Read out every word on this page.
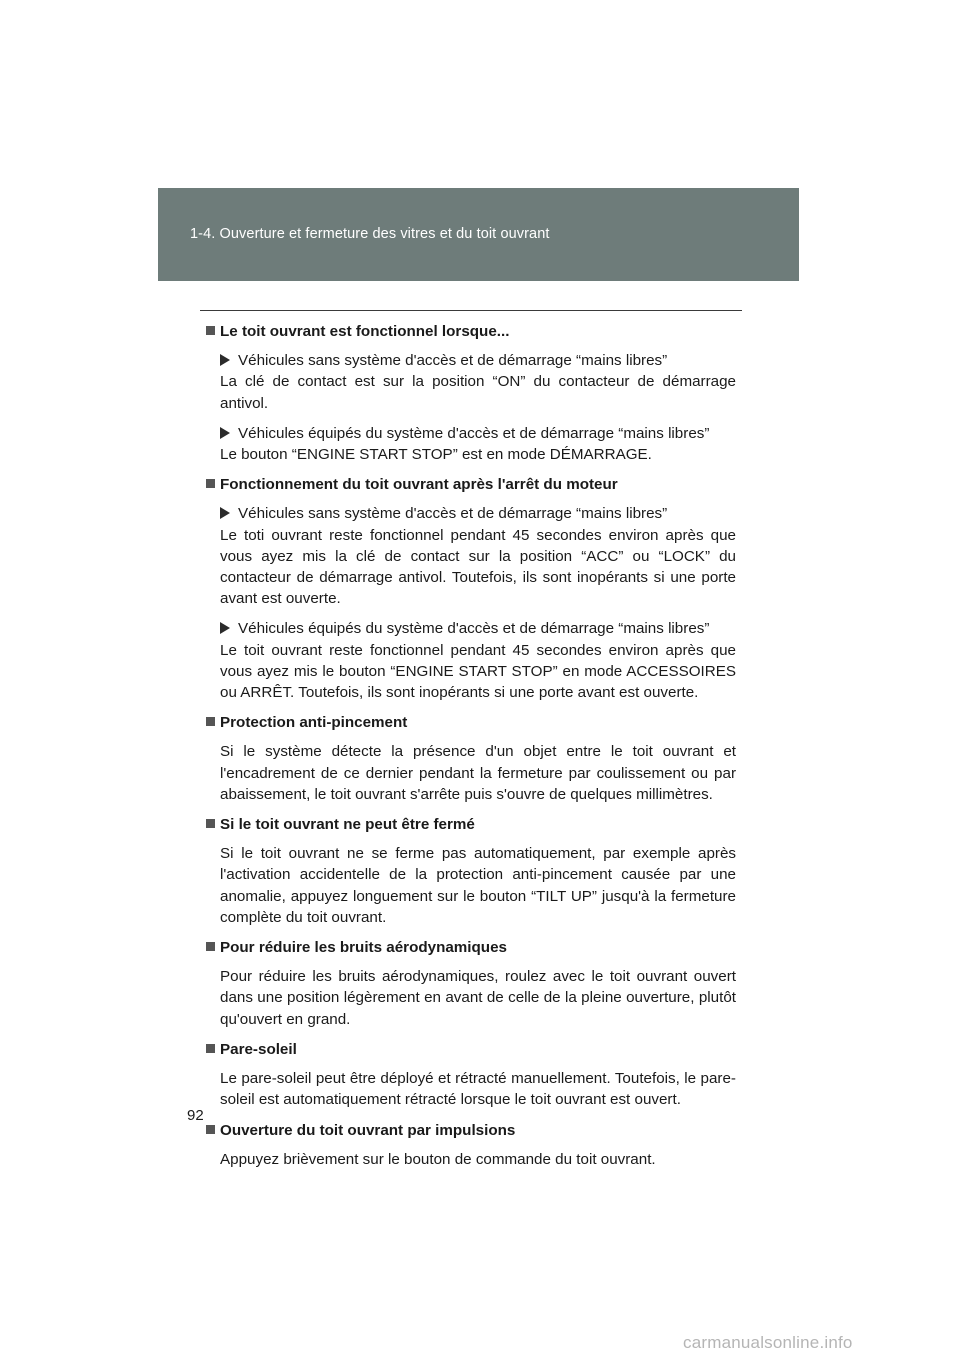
1-4. Ouverture et fermeture des vitres et du toit ouvrant
Le toit ouvrant est fonctionnel lorsque...
Véhicules sans système d'accès et de démarrage “mains libres”

La clé de contact est sur la position “ON” du contacteur de démarrage antivol.

Véhicules équipés du système d'accès et de démarrage “mains libres”

Le bouton “ENGINE START STOP” est en mode DÉMARRAGE.

Fonctionnement du toit ouvrant après l'arrêt du moteur
Véhicules sans système d'accès et de démarrage “mains libres”

Le toti ouvrant reste fonctionnel pendant 45 secondes environ après que vous ayez mis la clé de contact sur la position “ACC” ou “LOCK” du contacteur de démarrage antivol. Toutefois, ils sont inopérants si une porte avant est ouverte.

Véhicules équipés du système d'accès et de démarrage “mains libres”

Le toit ouvrant reste fonctionnel pendant 45 secondes environ après que vous ayez mis le bouton “ENGINE START STOP” en mode ACCESSOIRES ou ARRÊT. Toutefois, ils sont inopérants si une porte avant est ouverte.

Protection anti-pincement

Si le système détecte la présence d'un objet entre le toit ouvrant et l'encadrement de ce dernier pendant la fermeture par coulissement ou par abaissement, le toit ouvrant s'arrête puis s'ouvre de quelques millimètres.

Si le toit ouvrant ne peut être fermé

Si le toit ouvrant ne se ferme pas automatiquement, par exemple après l'activation accidentelle de la protection anti-pincement causée par une anomalie, appuyez longuement sur le bouton “TILT UP” jusqu'à la fermeture complète du toit ouvrant.

Pour réduire les bruits aérodynamiques

Pour réduire les bruits aérodynamiques, roulez avec le toit ouvrant ouvert dans une position légèrement en avant de celle de la pleine ouverture, plutôt qu'ouvert en grand.

Pare-soleil

Le pare-soleil peut être déployé et rétracté manuellement. Toutefois, le pare-soleil est automatiquement rétracté lorsque le toit ouvrant est ouvert.

Ouverture du toit ouvrant par impulsions

Appuyez brièvement sur le bouton de commande du toit ouvrant.

92
carmanualsonline.info
